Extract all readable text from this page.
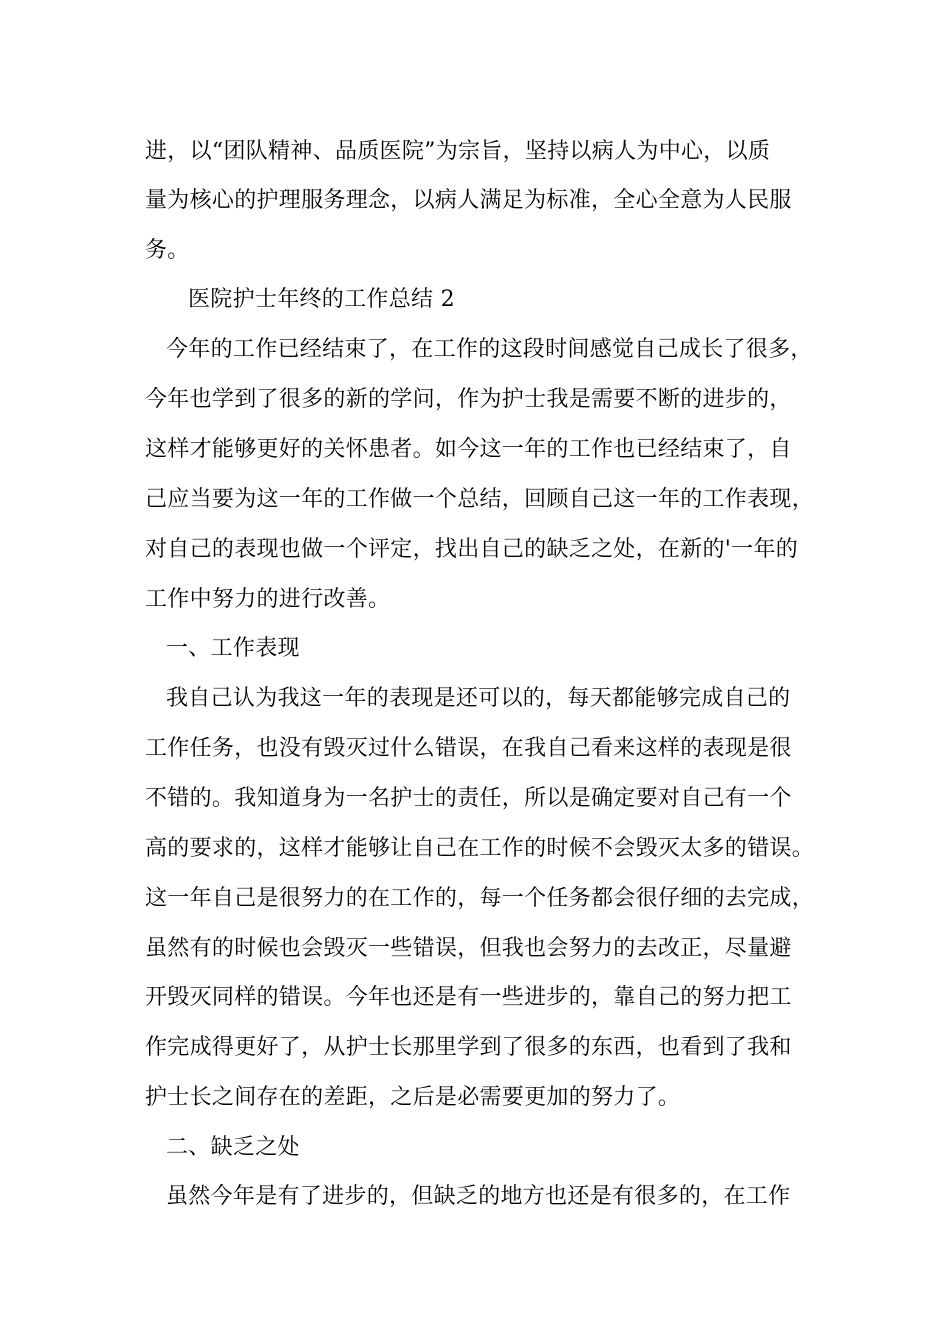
进，以“团队精神、品质医院”为宗旨，坚持以病人为中心，以质
量为核心的护理服务理念，以病人满足为标准，全心全意为人民服
务。
医院护士年终的工作总结 2
今年的工作已经结束了，在工作的这段时间感觉自己成长了很多，
今年也学到了很多的新的学问，作为护士我是需要不断的进步的，
这样才能够更好的关怀患者。如今这一年的工作也已经结束了，自
己应当要为这一年的工作做一个总结，回顾自己这一年的工作表现，
对自己的表现也做一个评定，找出自己的缺乏之处，在新的'一年的
工作中努力的进行改善。
一、工作表现
我自己认为我这一年的表现是还可以的，每天都能够完成自己的
工作任务，也没有毁灭过什么错误，在我自己看来这样的表现是很
不错的。我知道身为一名护士的责任，所以是确定要对自己有一个
高的要求的，这样才能够让自己在工作的时候不会毁灭太多的错误。
这一年自己是很努力的在工作的，每一个任务都会很仔细的去完成，
虽然有的时候也会毁灭一些错误，但我也会努力的去改正，尽量避
开毁灭同样的错误。今年也还是有一些进步的，靠自己的努力把工
作完成得更好了，从护士长那里学到了很多的东西，也看到了我和
护士长之间存在的差距，之后是必需要更加的努力了。
二、缺乏之处
虽然今年是有了进步的，但缺乏的地方也还是有很多的，在工作
